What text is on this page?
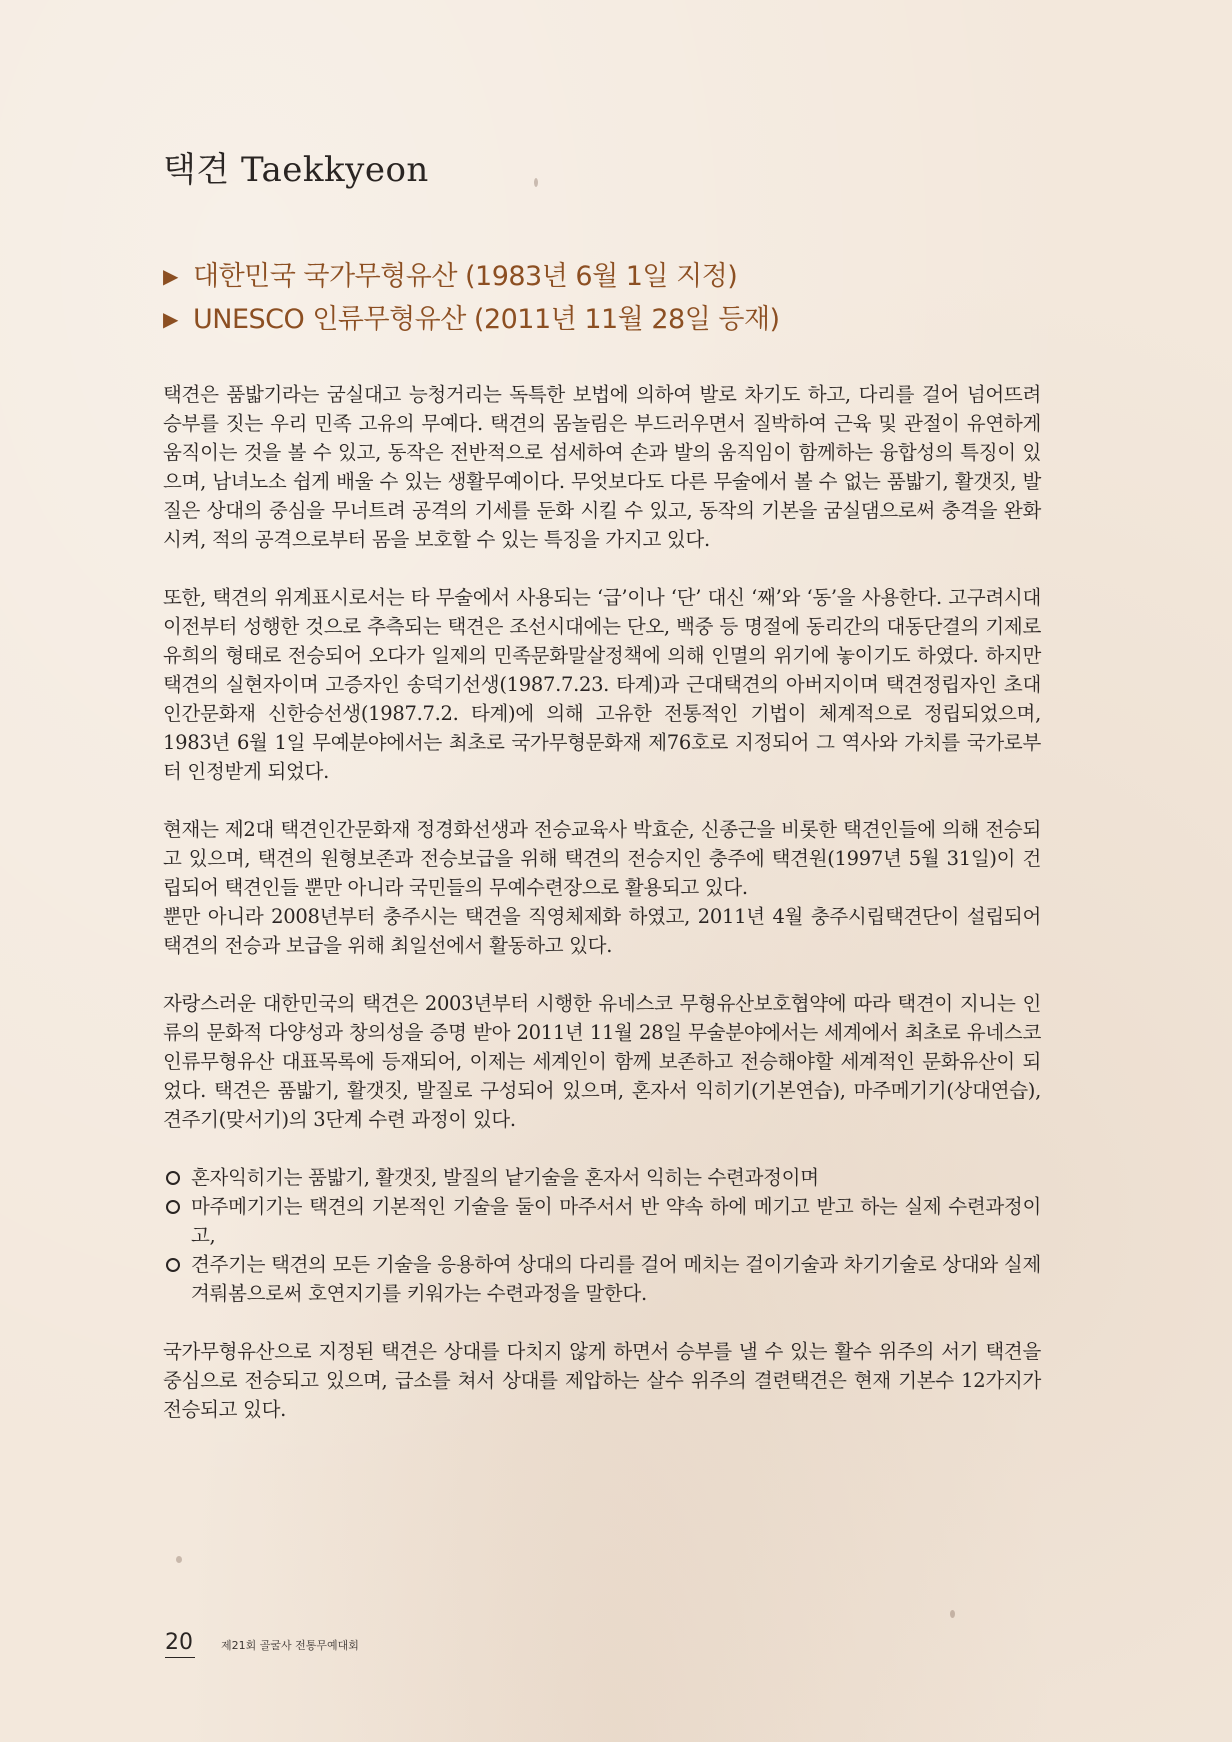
택견 Taekkyeon
▶ 대한민국 국가무형유산 (1983년 6월 1일 지정)
▶ UNESCO 인류무형유산 (2011년 11월 28일 등재)

택견은 품밟기라는 굼실대고 능청거리는 독특한 보법에 의하여 발로 차기도 하고, 다리를 걸어 넘어뜨려 승부를 짓는 우리 민족 고유의 무예다. 택견의 몸놀림은 부드러우면서 질박하여 근육 및 관절이 유연하게 움직이는 것을 볼 수 있고, 동작은 전반적으로 섬세하여 손과 발의 움직임이 함께하는 융합성의 특징이 있으며, 남녀노소 쉽게 배울 수 있는 생활무예이다. 무엇보다도 다른 무술에서 볼 수 없는 품밟기, 활갯짓, 발질은 상대의 중심을 무너트려 공격의 기세를 둔화 시킬 수 있고, 동작의 기본을 굼실댐으로써 충격을 완화시켜, 적의 공격으로부터 몸을 보호할 수 있는 특징을 가지고 있다.

또한, 택견의 위계표시로서는 타 무술에서 사용되는 ‘급’이나 ‘단’ 대신 ‘째’와 ‘동’을 사용한다. 고구려시대 이전부터 성행한 것으로 추측되는 택견은 조선시대에는 단오, 백중 등 명절에 동리간의 대동단결의 기제로 유희의 형태로 전승되어 오다가 일제의 민족문화말살정책에 의해 인멸의 위기에 놓이기도 하였다. 하지만 택견의 실현자이며 고증자인 송덕기선생(1987.7.23. 타계)과 근대택견의 아버지이며 택견정립자인 초대인간문화재 신한승선생(1987.7.2. 타계)에 의해 고유한 전통적인 기법이 체계적으로 정립되었으며, 1983년 6월 1일 무예분야에서는 최초로 국가무형문화재 제76호로 지정되어 그 역사와 가치를 국가로부터 인정받게 되었다.

현재는 제2대 택견인간문화재 정경화선생과 전승교육사 박효순, 신종근을 비롯한 택견인들에 의해 전승되고 있으며, 택견의 원형보존과 전승보급을 위해 택견의 전승지인 충주에 택견원(1997년 5월 31일)이 건립되어 택견인들 뿐만 아니라 국민들의 무예수련장으로 활용되고 있다.

뿐만 아니라 2008년부터 충주시는 택견을 직영체제화 하였고, 2011년 4월 충주시립택견단이 설립되어 택견의 전승과 보급을 위해 최일선에서 활동하고 있다.

자랑스러운 대한민국의 택견은 2003년부터 시행한 유네스코 무형유산보호협약에 따라 택견이 지니는 인류의 문화적 다양성과 창의성을 증명 받아 2011년 11월 28일 무술분야에서는 세계에서 최초로 유네스코 인류무형유산 대표목록에 등재되어, 이제는 세계인이 함께 보존하고 전승해야할 세계적인 문화유산이 되었다. 택견은 품밟기, 활갯짓, 발질로 구성되어 있으며, 혼자서 익히기(기본연습), 마주메기기(상대연습), 견주기(맞서기)의 3단계 수련 과정이 있다.

혼자익히기는 품밟기, 활갯짓, 발질의 낱기술을 혼자서 익히는 수련과정이며
마주메기기는 택견의 기본적인 기술을 둘이 마주서서 반 약속 하에 메기고 받고 하는 실제 수련과정이고,
견주기는 택견의 모든 기술을 응용하여 상대의 다리를 걸어 메치는 걸이기술과 차기기술로 상대와 실제 겨뤄봄으로써 호연지기를 키워가는 수련과정을 말한다.

국가무형유산으로 지정된 택견은 상대를 다치지 않게 하면서 승부를 낼 수 있는 활수 위주의 서기 택견을 중심으로 전승되고 있으며, 급소를 쳐서 상대를 제압하는 살수 위주의 결련택견은 현재 기본수 12가지가 전승되고 있다.

20	제21회 골굴사 전통무예대회
